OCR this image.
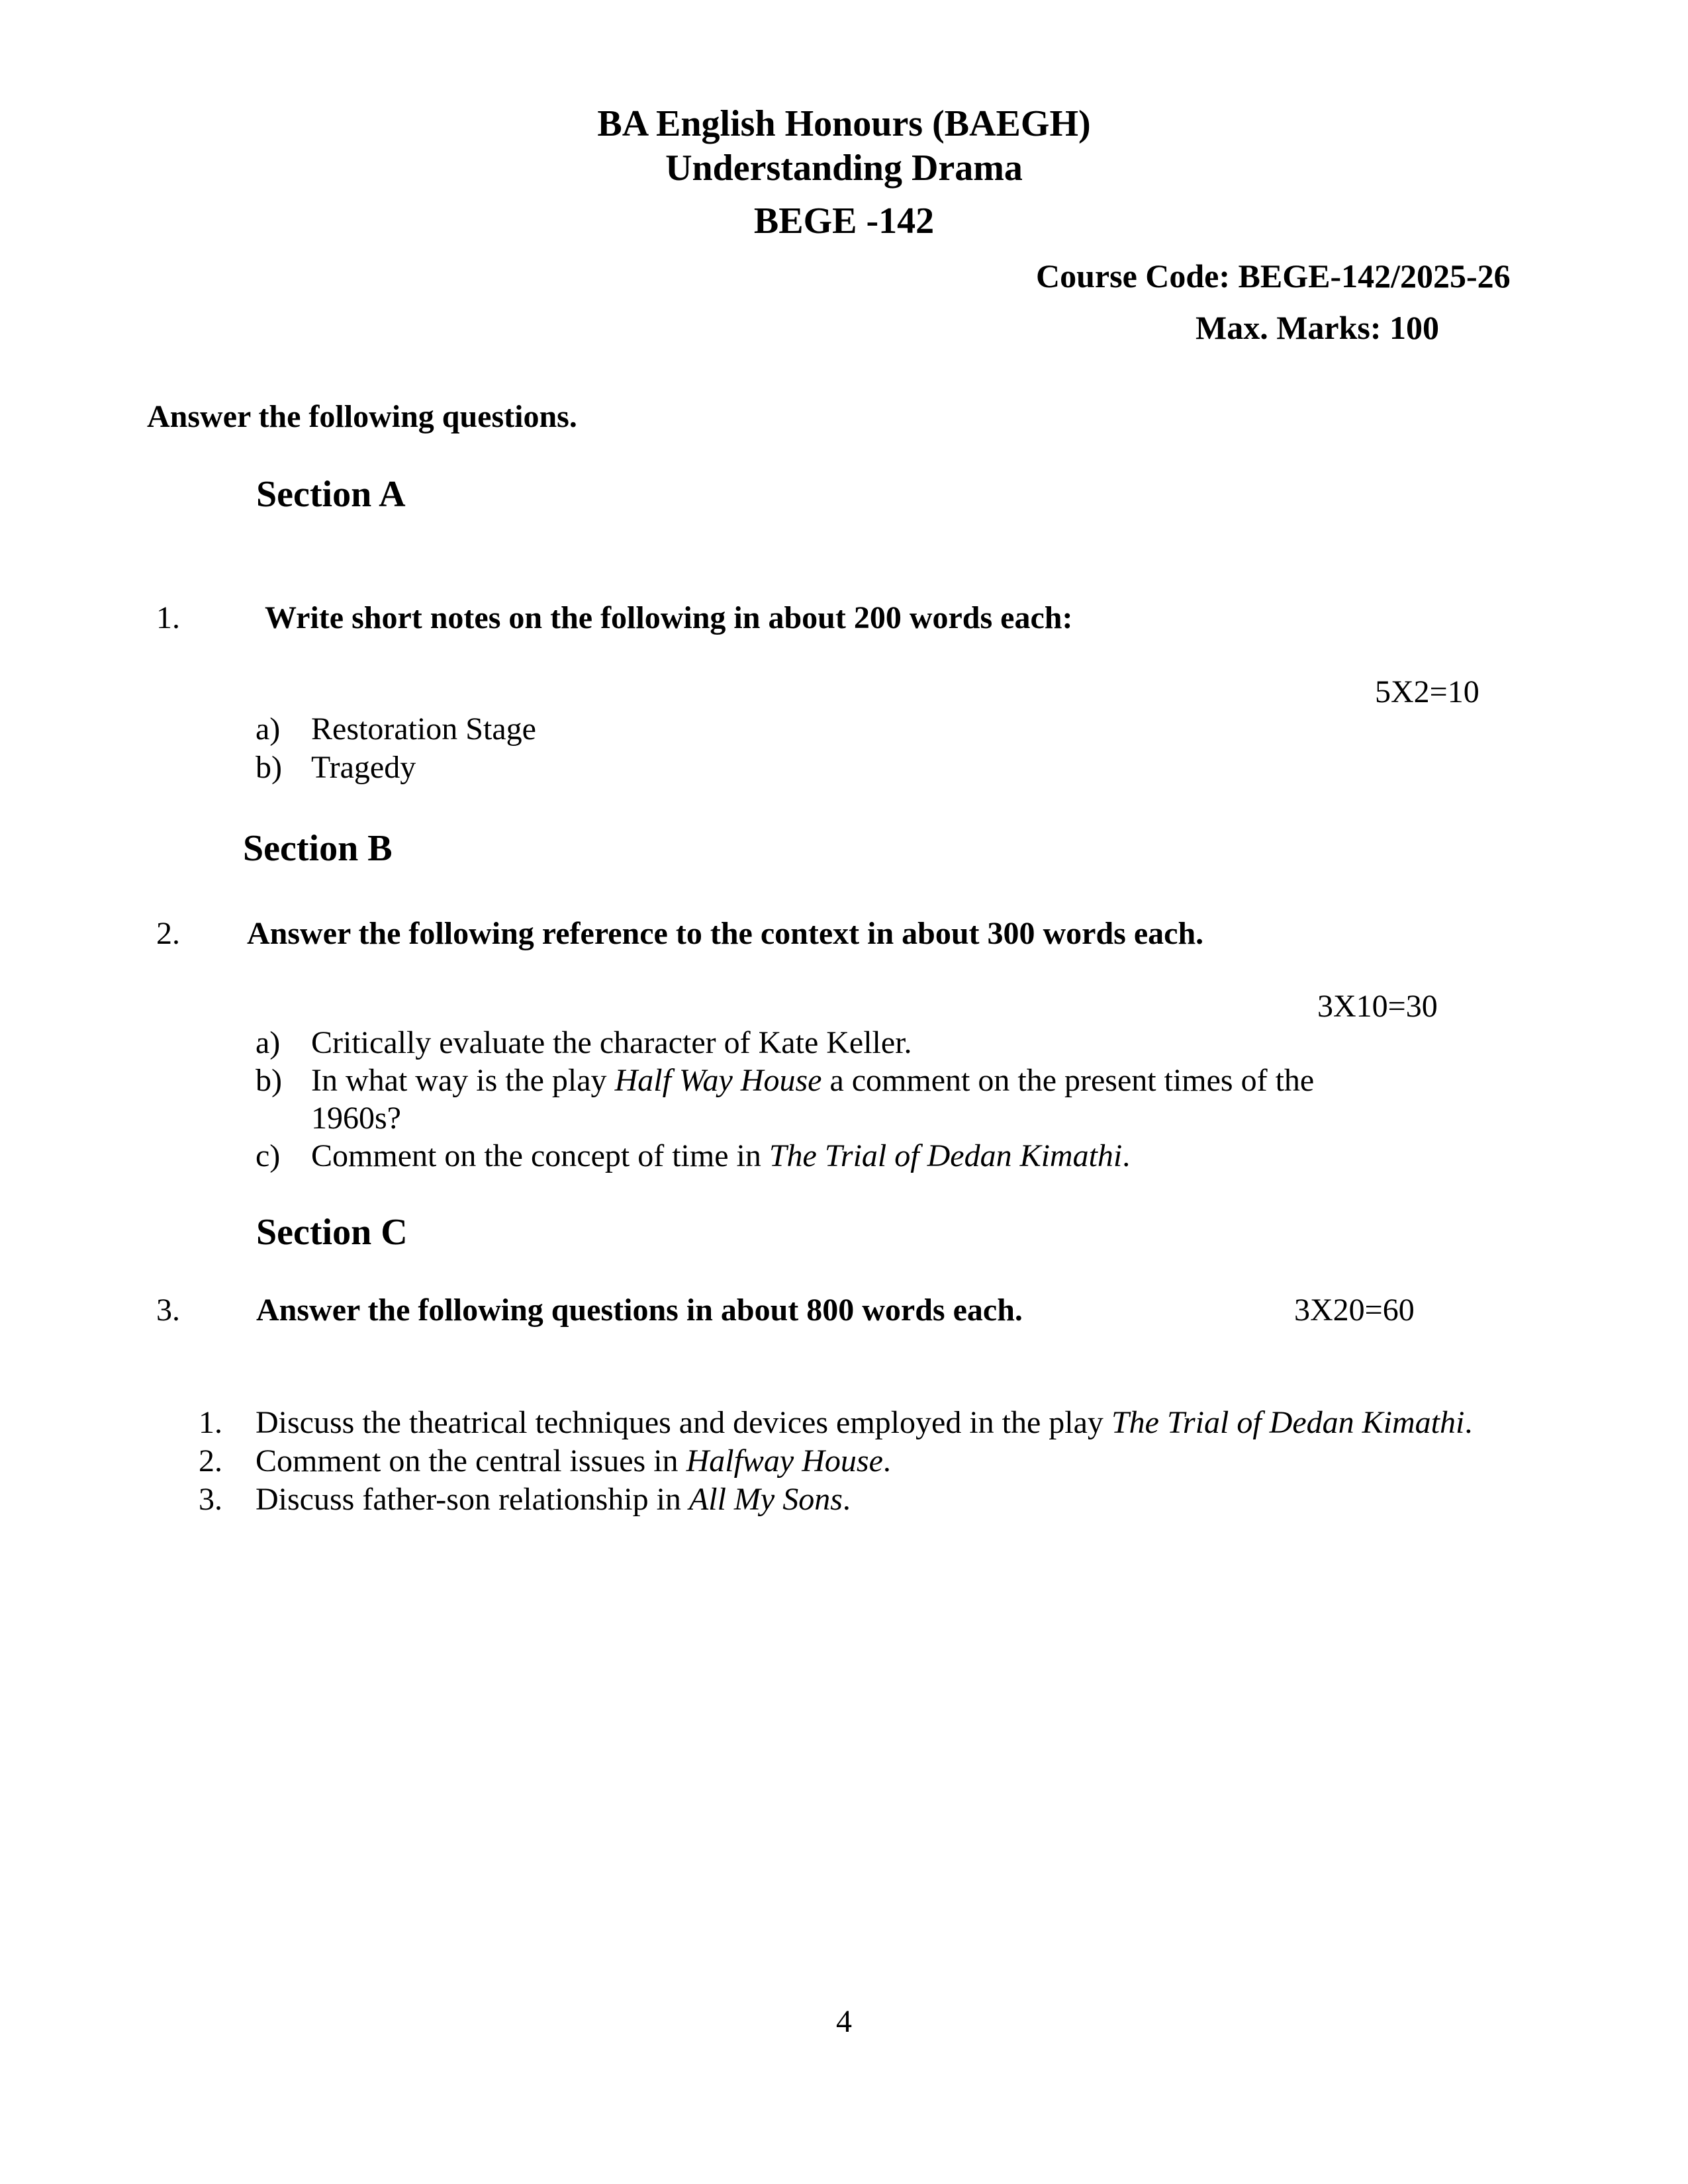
BA English Honours (BAEGH)
Understanding Drama
BEGE -142
Course Code: BEGE-142/2025-26
Max. Marks: 100
Answer the following questions.
Section A
1.	Write short notes on the following in about 200 words each:
5X2=10
a) Restoration Stage
b) Tragedy
Section B
2. Answer the following reference to the context in about 300 words each.
3X10=30
a) Critically evaluate the character of Kate Keller.
b) In what way is the play Half Way House a comment on the present times of the
1960s?
c) Comment on the concept of time in The Trial of Dedan Kimathi.
Section C
3. Answer the following questions in about 800 words each.	3X20=60
1. Discuss the theatrical techniques and devices employed in the play The Trial of Dedan Kimathi.
2. Comment on the central issues in Halfway House.
3. Discuss father-son relationship in All My Sons.
4
